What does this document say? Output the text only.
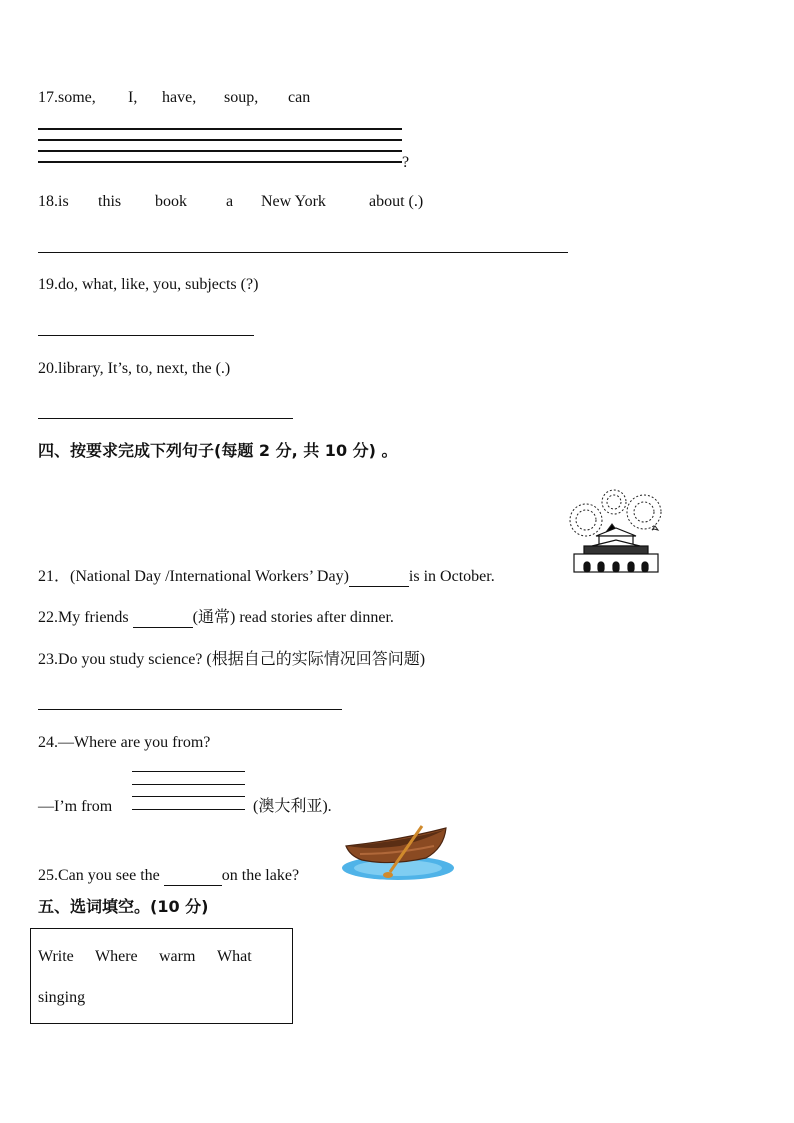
17.some, I, have, soup, can
?
18.is this book a New York	about (.)
19.do, what, like, you, subjects (?)
20.library, It’s, to, next, the (.)
四、按要求完成下列句子(每题 2 分, 共 10 分) 。
21．(National Day /International Workers’ Day)	is in October.
22.My friends	(通常) read stories after dinner.
23.Do you study science? (根据自己的实际情况回答问题)
24.—Where are you from?
—I’m from	(澳大利亚).
25.Can you see the	on the lake?
五、选词填空。(10 分)
Write Where warm What
singing
